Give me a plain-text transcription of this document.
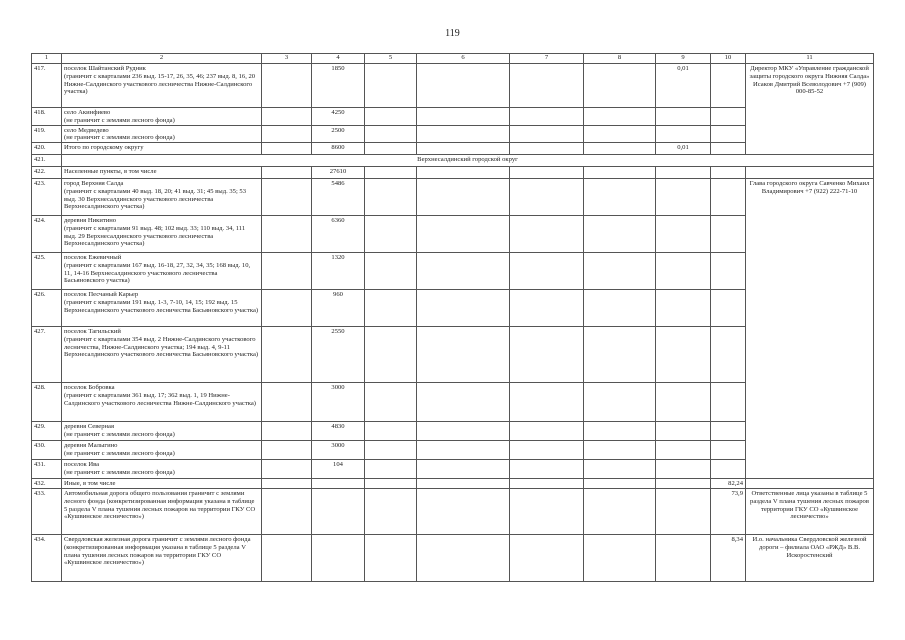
119
1	2	3	4	5	6	7	8	9	10	11
417.	поселок Шайтанский Рудник
(граничит с кварталами 236 выд. 15-17, 26, 35, 46; 237 выд. 8, 16, 20 Нижне-Салдинского участкового лесничества Нижне-Салдинского участка)		1850					0,01		Директор МКУ «Управление гражданской защиты городского округа Нижняя Салда» Исаков Дмитрий Всеволодович +7 (909) 000-85-52
418.	село Акинфиево
(не граничит с землями лесного фонда)		4250							
419.	село Медведево
(не граничит с землями лесного фонда)		2500							
420.	Итого по городскому округу		8600					0,01		
421.	Верхнесалдинский городской округ									
422.	Населенные пункты, в том числе		27610							
423.	город Верхняя Салда
(граничит с кварталами 40 выд. 18, 20; 41 выд. 31; 45 выд. 35; 53 выд. 30 Верхнесалдинского участкового лесничества Верхнесалдинского участка)		5486							Глава городского округа Савченко Михаил Владимирович +7 (922) 222-71-10
424.	деревня Никитино
(граничит с кварталами 91 выд. 48; 102 выд. 33; 110 выд. 34, 111 выд. 29 Верхнесалдинского участкового лесничества Верхнесалдинского участка)		6360							
425.	поселок Ежевичный
(граничит с кварталами 167 выд. 16-18, 27, 32, 34, 35; 168 выд. 10, 11, 14-16 Верхнесалдинского участкового лесничества Басьяновского участка)		1320							
426.	поселок Песчаный Карьер
(граничит с кварталами 191 выд. 1-3, 7-10, 14, 15; 192 выд. 15 Верхнесалдинского участкового лесничества Басьяновского участка)		960							
427.	поселок Тагильский
(граничит с кварталами 354 выд. 2 Нижне-Салдинского участкового лесничества, Нижне-Салдинского участка; 194 выд. 4, 9-11 Верхнесалдинского участкового лесничества Басьяновского участка)		2550							
428.	поселок Бобровка
(граничит с кварталами 361 выд. 17; 362 выд. 1, 19 Нижне-Салдинского участкового лесничества Нижне-Салдинского участка)		3000							
429.	деревня Северная
(не граничит с землями лесного фонда)		4830							
430.	деревня Малыгино
(не граничит с землями лесного фонда)		3000							
431.	поселок Ива
(не граничит с землями лесного фонда)		104							
432.	Иные, в том числе								82,24	
433.	Автомобильная дорога общего пользования граничит с землями лесного фонда (конкретизированная информация указана в таблице 5 раздела V плана тушения лесных пожаров на территории ГКУ СО «Кушвинское лесничество»)								73,9	Ответственные лица указаны в таблице 5 раздела V плана тушения лесных пожаров территории ГКУ СО «Кушвинское лесничество»
434.	Свердловская железная дорога граничит с землями лесного фонда (конкретизированная информация указана в таблице 5 раздела V плана тушения лесных пожаров на территории ГКУ СО «Кушвинское лесничество»)								8,34	И.о. начальника Свердловской железной дороги – филиала ОАО «РЖД» В.В. Искоростенский
